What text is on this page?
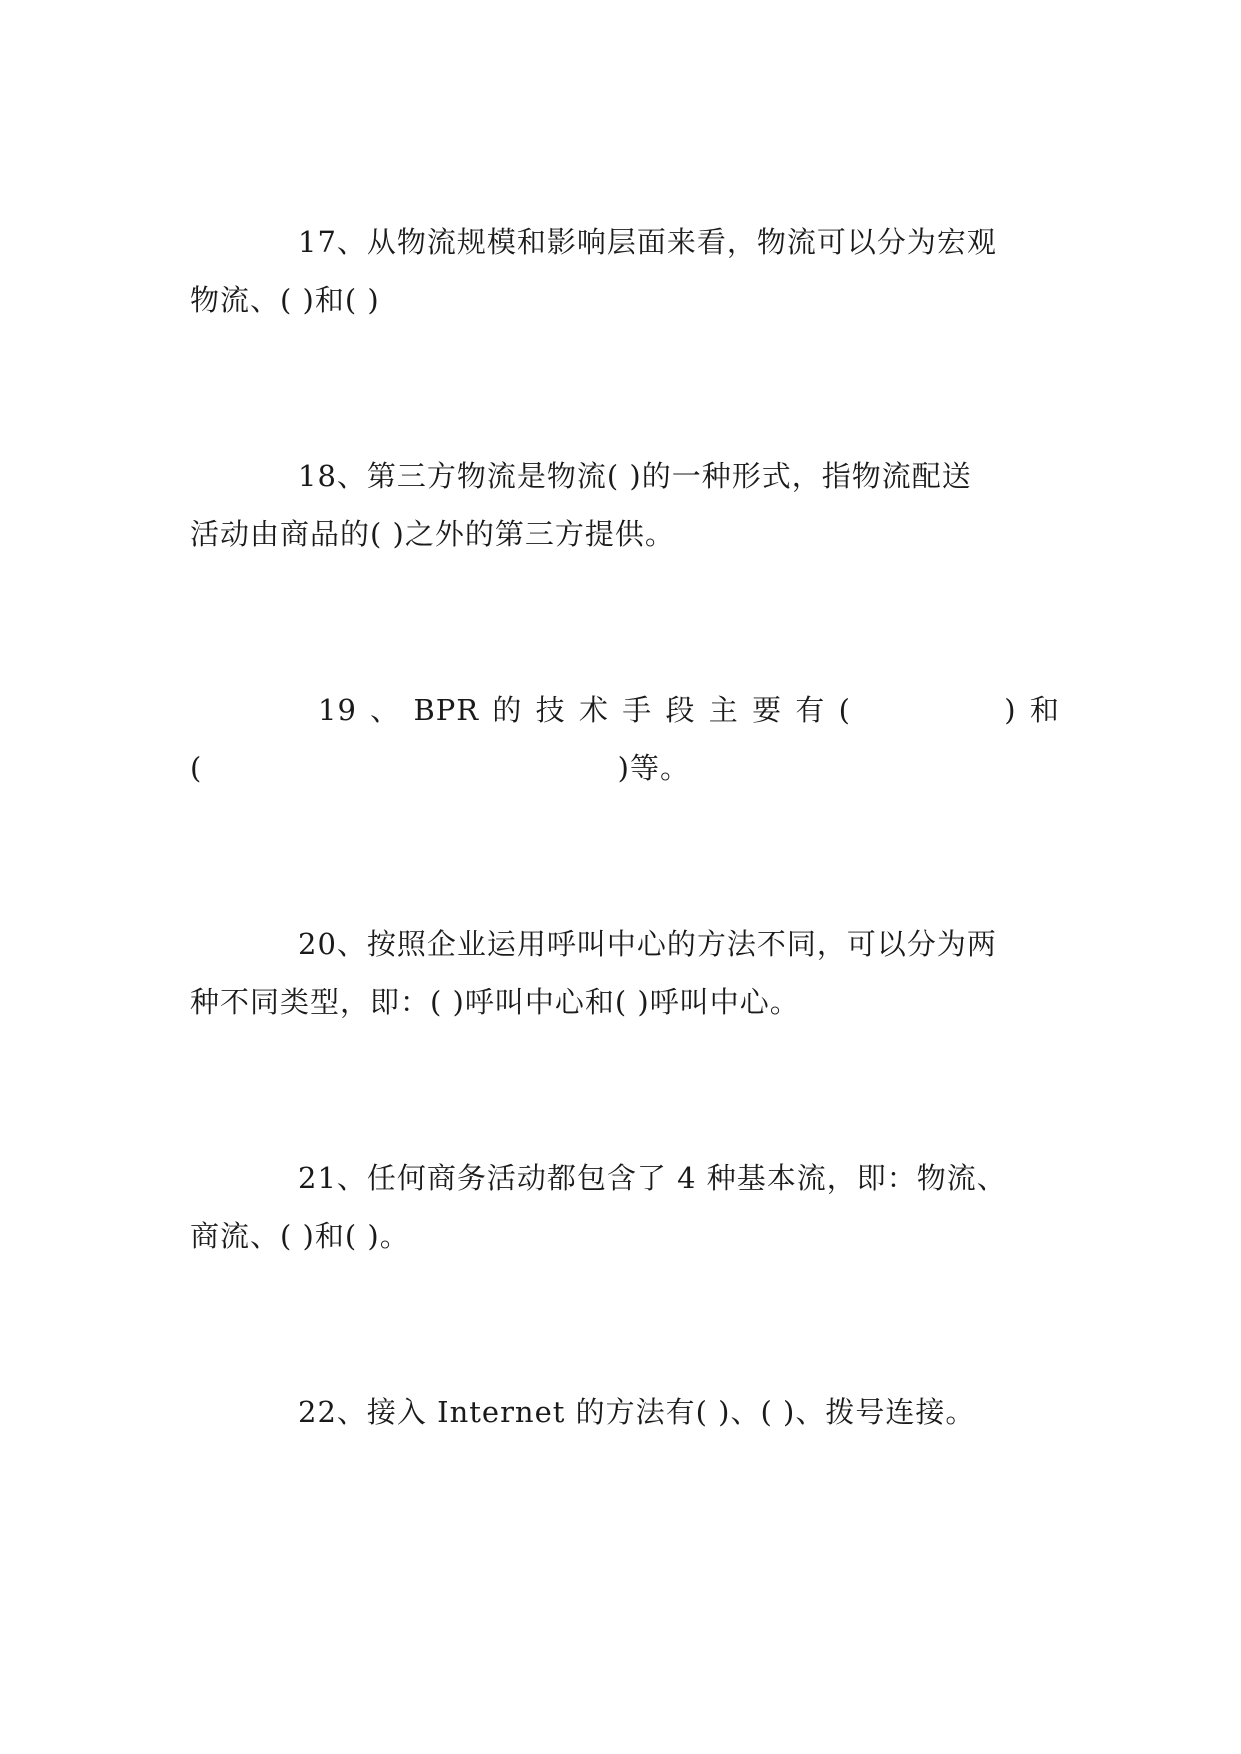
17、从物流规模和影响层面来看，物流可以分为宏观
物流、( )和( )
18、第三方物流是物流( )的一种形式，指物流配送
活动由商品的( )之外的第三方提供。
19 、 BPR 的 技 术 手 段 主 要 有 (	) 和
(	)等。
20、按照企业运用呼叫中心的方法不同，可以分为两
种不同类型，即：( )呼叫中心和( )呼叫中心。
21、任何商务活动都包含了 4 种基本流，即：物流、
商流、( )和( )。
22、接入 Internet 的方法有( )、( )、拨号连接。
